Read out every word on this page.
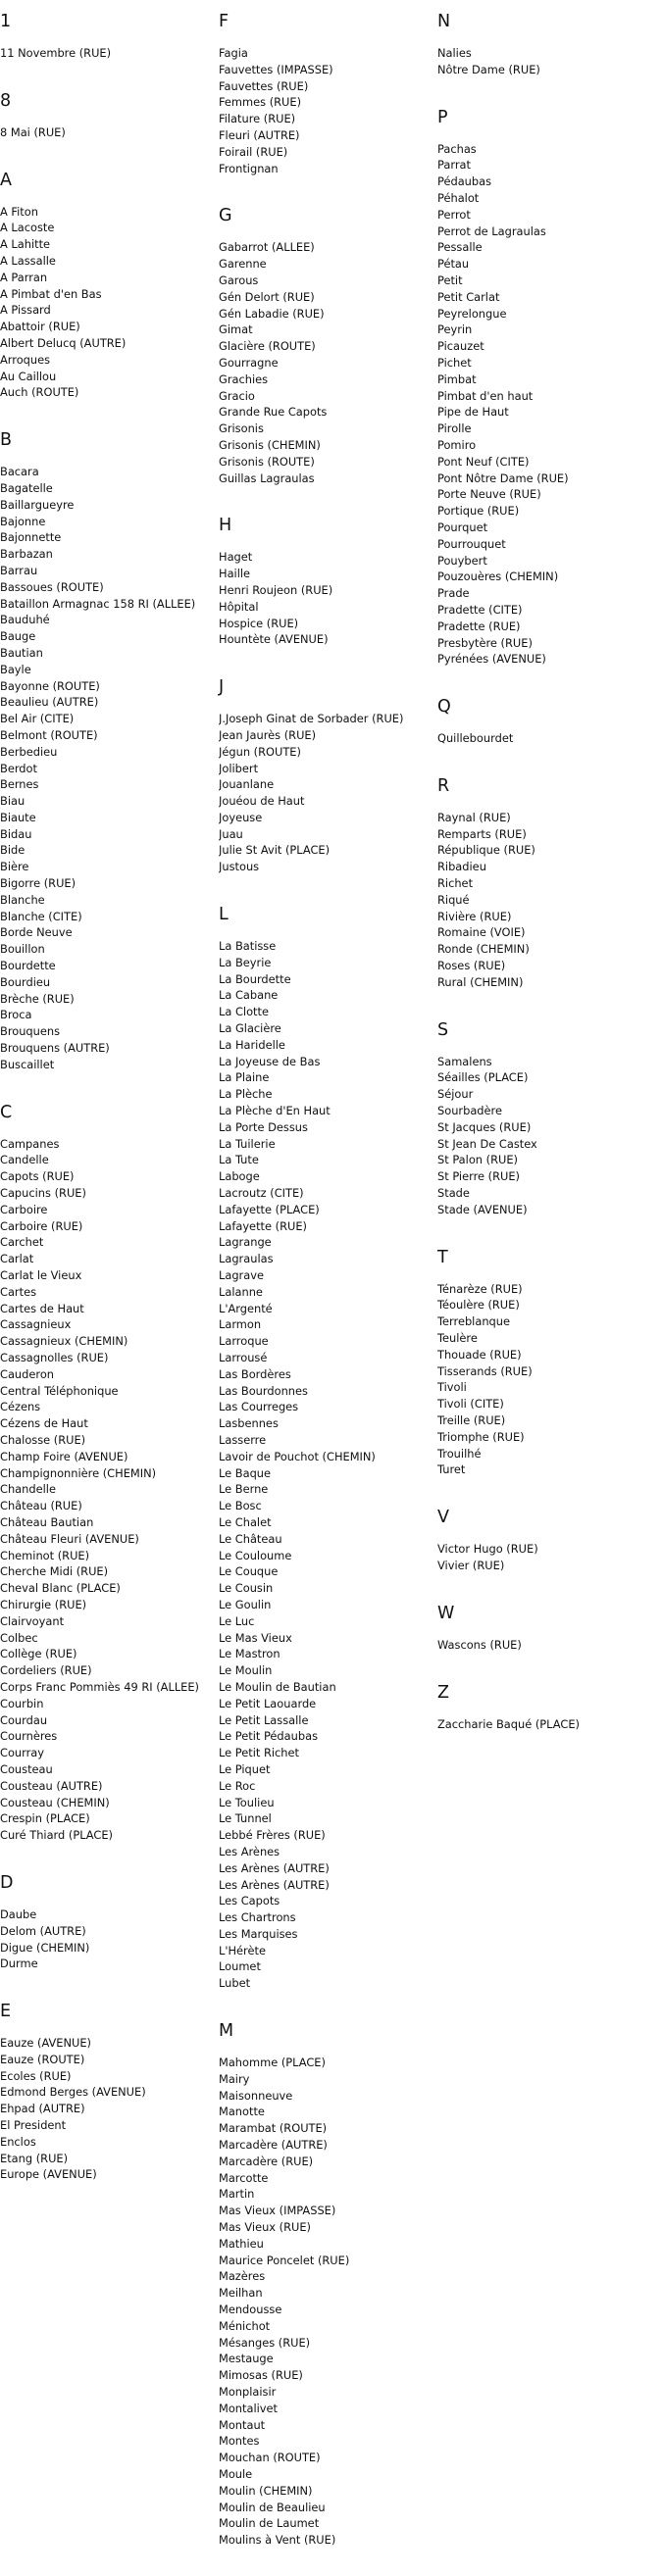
1
11 Novembre (RUE)
8
8 Mai (RUE)
A
A Fiton
A Lacoste
A Lahitte
A Lassalle
A Parran
A Pimbat d'en Bas
A Pissard
Abattoir (RUE)
Albert Delucq (AUTRE)
Arroques
Au Caillou
Auch (ROUTE)
B
Bacara
Bagatelle
Baillargueyre
Bajonne
Bajonnette
Barbazan
Barrau
Bassoues (ROUTE)
Bataillon Armagnac 158 RI (ALLEE)
Bauduhé
Bauge
Bautian
Bayle
Bayonne (ROUTE)
Beaulieu (AUTRE)
Bel Air (CITE)
Belmont (ROUTE)
Berbedieu
Berdot
Bernes
Biau
Biaute
Bidau
Bide
Bière
Bigorre (RUE)
Blanche
Blanche (CITE)
Borde Neuve
Bouillon
Bourdette
Bourdieu
Brèche (RUE)
Broca
Brouquens
Brouquens (AUTRE)
Buscaillet
C
Campanes
Candelle
Capots (RUE)
Capucins (RUE)
Carboire
Carboire (RUE)
Carchet
Carlat
Carlat le Vieux
Cartes
Cartes de Haut
Cassagnieux
Cassagnieux (CHEMIN)
Cassagnolles (RUE)
Cauderon
Central Téléphonique
Cézens
Cézens de Haut
Chalosse (RUE)
Champ Foire (AVENUE)
Champignonnière (CHEMIN)
Chandelle
Château (RUE)
Château Bautian
Château Fleuri (AVENUE)
Cheminot (RUE)
Cherche Midi (RUE)
Cheval Blanc (PLACE)
Chirurgie (RUE)
Clairvoyant
Colbec
Collège (RUE)
Cordeliers (RUE)
Corps Franc Pommiès 49 RI (ALLEE)
Courbin
Courdau
Cournères
Courray
Cousteau
Cousteau (AUTRE)
Cousteau (CHEMIN)
Crespin (PLACE)
Curé Thiard (PLACE)
D
Daube
Delom (AUTRE)
Digue (CHEMIN)
Durme
E
Eauze (AVENUE)
Eauze (ROUTE)
Ecoles (RUE)
Edmond Berges (AVENUE)
Ehpad (AUTRE)
El President
Enclos
Etang (RUE)
Europe (AVENUE)
F
Fagia
Fauvettes (IMPASSE)
Fauvettes (RUE)
Femmes (RUE)
Filature (RUE)
Fleuri (AUTRE)
Foirail (RUE)
Frontignan
G
Gabarrot (ALLEE)
Garenne
Garous
Gén Delort (RUE)
Gén Labadie (RUE)
Gimat
Glacière (ROUTE)
Gourragne
Grachies
Gracio
Grande Rue Capots
Grisonis
Grisonis (CHEMIN)
Grisonis (ROUTE)
Guillas Lagraulas
H
Haget
Haille
Henri Roujeon (RUE)
Hôpital
Hospice (RUE)
Hountète (AVENUE)
J
J.Joseph Ginat de Sorbader (RUE)
Jean Jaurès (RUE)
Jégun (ROUTE)
Jolibert
Jouanlane
Jouéou de Haut
Joyeuse
Juau
Julie St Avit (PLACE)
Justous
L
La Batisse
La Beyrie
La Bourdette
La Cabane
La Clotte
La Glacière
La Haridelle
La Joyeuse de Bas
La Plaine
La Plèche
La Plèche d'En Haut
La Porte Dessus
La Tuilerie
La Tute
Laboge
Lacroutz (CITE)
Lafayette (PLACE)
Lafayette (RUE)
Lagrange
Lagraulas
Lagrave
Lalanne
L'Argenté
Larmon
Larroque
Larrousé
Las Bordères
Las Bourdonnes
Las Courreges
Lasbennes
Lasserre
Lavoir de Pouchot (CHEMIN)
Le Baque
Le Berne
Le Bosc
Le Chalet
Le Château
Le Couloume
Le Couque
Le Cousin
Le Goulin
Le Luc
Le Mas Vieux
Le Mastron
Le Moulin
Le Moulin de Bautian
Le Petit Laouarde
Le Petit Lassalle
Le Petit Pédaubas
Le Petit Richet
Le Piquet
Le Roc
Le Toulieu
Le Tunnel
Lebbé Frères (RUE)
Les Arènes
Les Arènes (AUTRE)
Les Arènes (AUTRE)
Les Capots
Les Chartrons
Les Marquises
L'Hérète
Loumet
Lubet
M
Mahomme (PLACE)
Mairy
Maisonneuve
Manotte
Marambat (ROUTE)
Marcadère (AUTRE)
Marcadère (RUE)
Marcotte
Martin
Mas Vieux (IMPASSE)
Mas Vieux (RUE)
Mathieu
Maurice Poncelet (RUE)
Mazères
Meilhan
Mendousse
Ménichot
Mésanges (RUE)
Mestauge
Mimosas (RUE)
Monplaisir
Montalivet
Montaut
Montes
Mouchan (ROUTE)
Moule
Moulin (CHEMIN)
Moulin de Beaulieu
Moulin de Laumet
Moulins à Vent (RUE)
N
Nalies
Nôtre Dame (RUE)
P
Pachas
Parrat
Pédaubas
Péhalot
Perrot
Perrot de Lagraulas
Pessalle
Pétau
Petit
Petit Carlat
Peyrelongue
Peyrin
Picauzet
Pichet
Pimbat
Pimbat d'en haut
Pipe de Haut
Pirolle
Pomiro
Pont Neuf (CITE)
Pont Nôtre Dame (RUE)
Porte Neuve (RUE)
Portique (RUE)
Pourquet
Pourrouquet
Pouybert
Pouzouères (CHEMIN)
Prade
Pradette (CITE)
Pradette (RUE)
Presbytère (RUE)
Pyrénées (AVENUE)
Q
Quillebourdet
R
Raynal (RUE)
Remparts (RUE)
République (RUE)
Ribadieu
Richet
Riqué
Rivière (RUE)
Romaine (VOIE)
Ronde (CHEMIN)
Roses (RUE)
Rural (CHEMIN)
S
Samalens
Séailles (PLACE)
Séjour
Sourbadère
St Jacques (RUE)
St Jean De Castex
St Palon (RUE)
St Pierre (RUE)
Stade
Stade (AVENUE)
T
Ténarèze (RUE)
Téoulère (RUE)
Terreblanque
Teulère
Thouade (RUE)
Tisserands (RUE)
Tivoli
Tivoli (CITE)
Treille (RUE)
Triomphe (RUE)
Trouilhé
Turet
V
Victor Hugo (RUE)
Vivier (RUE)
W
Wascons (RUE)
Z
Zaccharie Baqué (PLACE)
